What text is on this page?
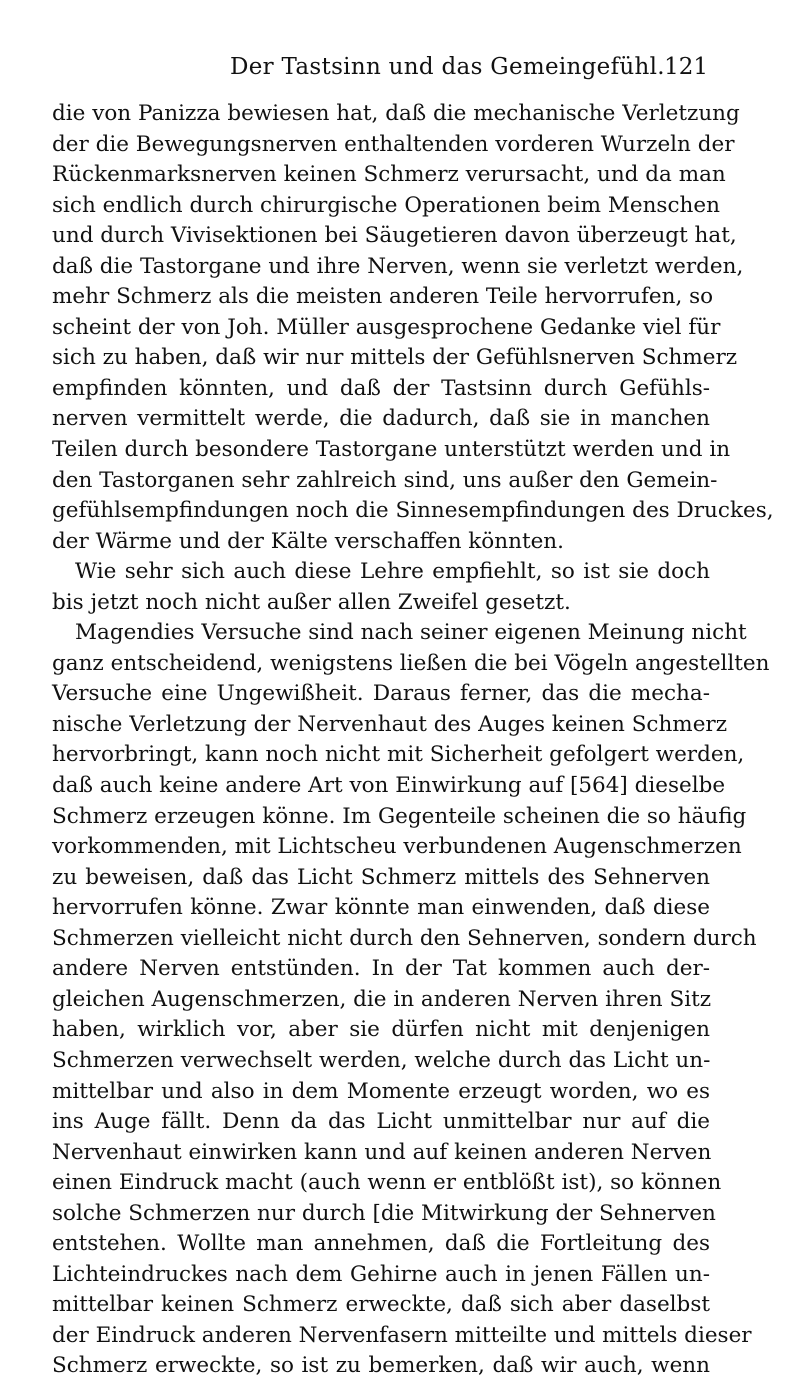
Der Tastsinn und das Gemeingefühl. 121
die von Panizza bewiesen hat, daß die mechanische Verletzung
der die Bewegungsnerven enthaltenden vorderen Wurzeln der
Rückenmarksnerven keinen Schmerz verursacht, und da man
sich endlich durch chirurgische Operationen beim Menschen
und durch Vivisektionen bei Säugetieren davon überzeugt hat,
daß die Tastorgane und ihre Nerven, wenn sie verletzt werden,
mehr Schmerz als die meisten anderen Teile hervorrufen, so
scheint der von Joh. Müller ausgesprochene Gedanke viel für
sich zu haben, daß wir nur mittels der Gefühlsnerven Schmerz
empfinden könnten, und daß der Tastsinn durch Gefühls-
nerven vermittelt werde, die dadurch, daß sie in manchen
Teilen durch besondere Tastorgane unterstützt werden und in
den Tastorganen sehr zahlreich sind, uns außer den Gemein-
gefühlsempfindungen noch die Sinnesempfindungen des Druckes,
der Wärme und der Kälte verschaffen könnten.
Wie sehr sich auch diese Lehre empfiehlt, so ist sie doch
bis jetzt noch nicht außer allen Zweifel gesetzt.
Magendies Versuche sind nach seiner eigenen Meinung nicht
ganz entscheidend, wenigstens ließen die bei Vögeln angestellten
Versuche eine Ungewißheit. Daraus ferner, das die mecha-
nische Verletzung der Nervenhaut des Auges keinen Schmerz
hervorbringt, kann noch nicht mit Sicherheit gefolgert werden,
daß auch keine andere Art von Einwirkung auf [564] dieselbe
Schmerz erzeugen könne. Im Gegenteile scheinen die so häufig
vorkommenden, mit Lichtscheu verbundenen Augenschmerzen
zu beweisen, daß das Licht Schmerz mittels des Sehnerven
hervorrufen könne. Zwar könnte man einwenden, daß diese
Schmerzen vielleicht nicht durch den Sehnerven, sondern durch
andere Nerven entstünden. In der Tat kommen auch der-
gleichen Augenschmerzen, die in anderen Nerven ihren Sitz
haben, wirklich vor, aber sie dürfen nicht mit denjenigen
Schmerzen verwechselt werden, welche durch das Licht un-
mittelbar und also in dem Momente erzeugt worden, wo es
ins Auge fällt. Denn da das Licht unmittelbar nur auf die
Nervenhaut einwirken kann und auf keinen anderen Nerven
einen Eindruck macht (auch wenn er entblößt ist), so können
solche Schmerzen nur durch [die Mitwirkung der Sehnerven
entstehen. Wollte man annehmen, daß die Fortleitung des
Lichteindruckes nach dem Gehirne auch in jenen Fällen un-
mittelbar keinen Schmerz erweckte, daß sich aber daselbst
der Eindruck anderen Nervenfasern mitteilte und mittels dieser
Schmerz erweckte, so ist zu bemerken, daß wir auch, wenn
